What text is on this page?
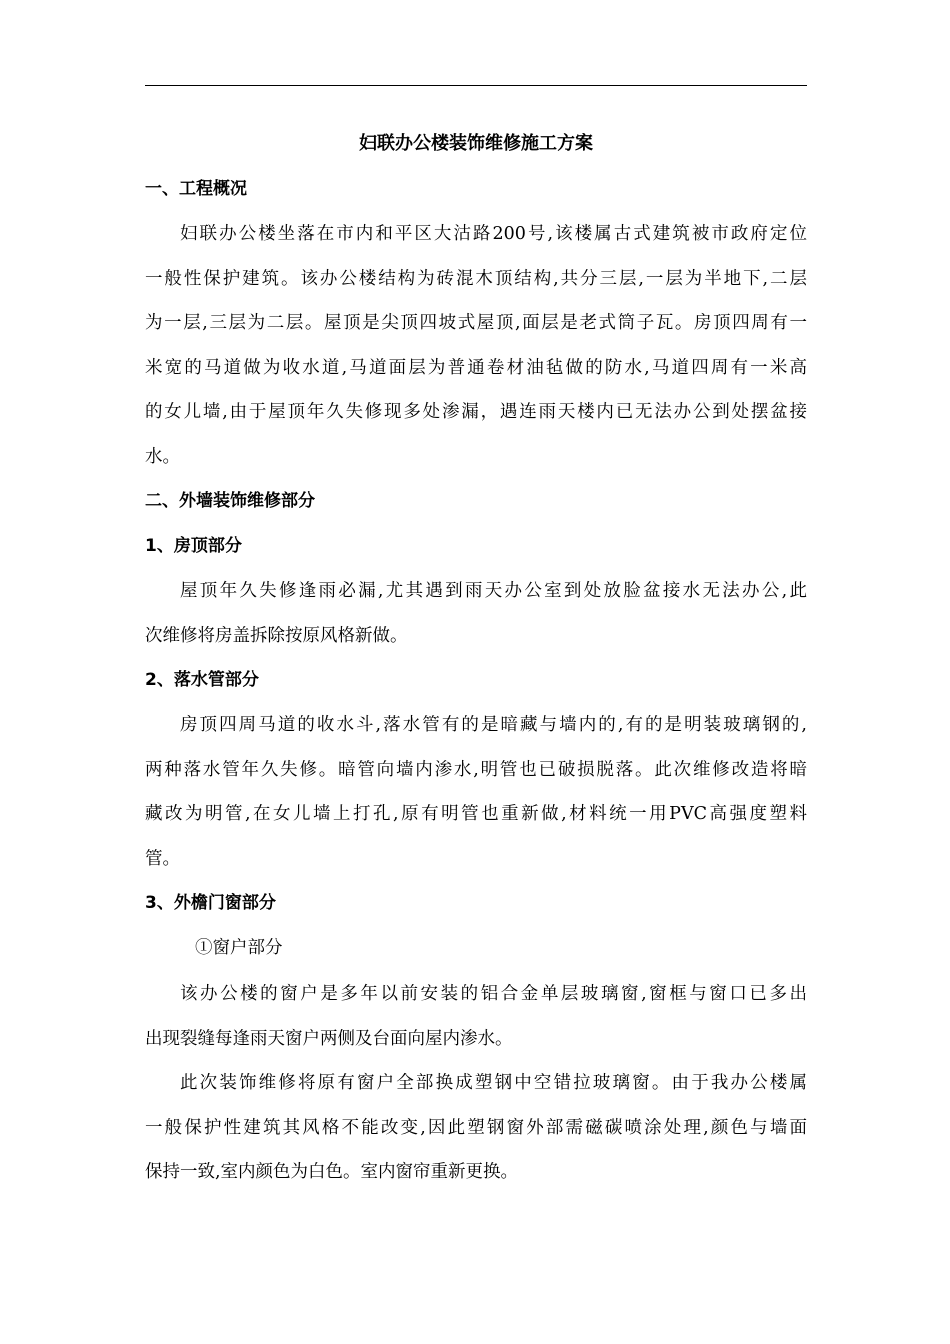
妇联办公楼装饰维修施工方案
一、工程概况
妇联办公楼坐落在市内和平区大沽路200号,该楼属古式建筑被市政府定位
一般性保护建筑。该办公楼结构为砖混木顶结构,共分三层,一层为半地下,二层
为一层,三层为二层。屋顶是尖顶四坡式屋顶,面层是老式筒子瓦。房顶四周有一
米宽的马道做为收水道,马道面层为普通卷材油毡做的防水,马道四周有一米高
的女儿墙,由于屋顶年久失修现多处渗漏，遇连雨天楼内已无法办公到处摆盆接
水。
二、外墙装饰维修部分
1、房顶部分
屋顶年久失修逢雨必漏,尤其遇到雨天办公室到处放脸盆接水无法办公,此
次维修将房盖拆除按原风格新做。
2、落水管部分
房顶四周马道的收水斗,落水管有的是暗藏与墙内的,有的是明装玻璃钢的,
两种落水管年久失修。暗管向墙内渗水,明管也已破损脱落。此次维修改造将暗
藏改为明管,在女儿墙上打孔,原有明管也重新做,材料统一用PVC高强度塑料
管。
3、外檐门窗部分
①窗户部分
该办公楼的窗户是多年以前安装的铝合金单层玻璃窗,窗框与窗口已多出
出现裂缝每逢雨天窗户两侧及台面向屋内渗水。
此次装饰维修将原有窗户全部换成塑钢中空错拉玻璃窗。由于我办公楼属
一般保护性建筑其风格不能改变,因此塑钢窗外部需磁碳喷涂处理,颜色与墙面
保持一致,室内颜色为白色。室内窗帘重新更换。
